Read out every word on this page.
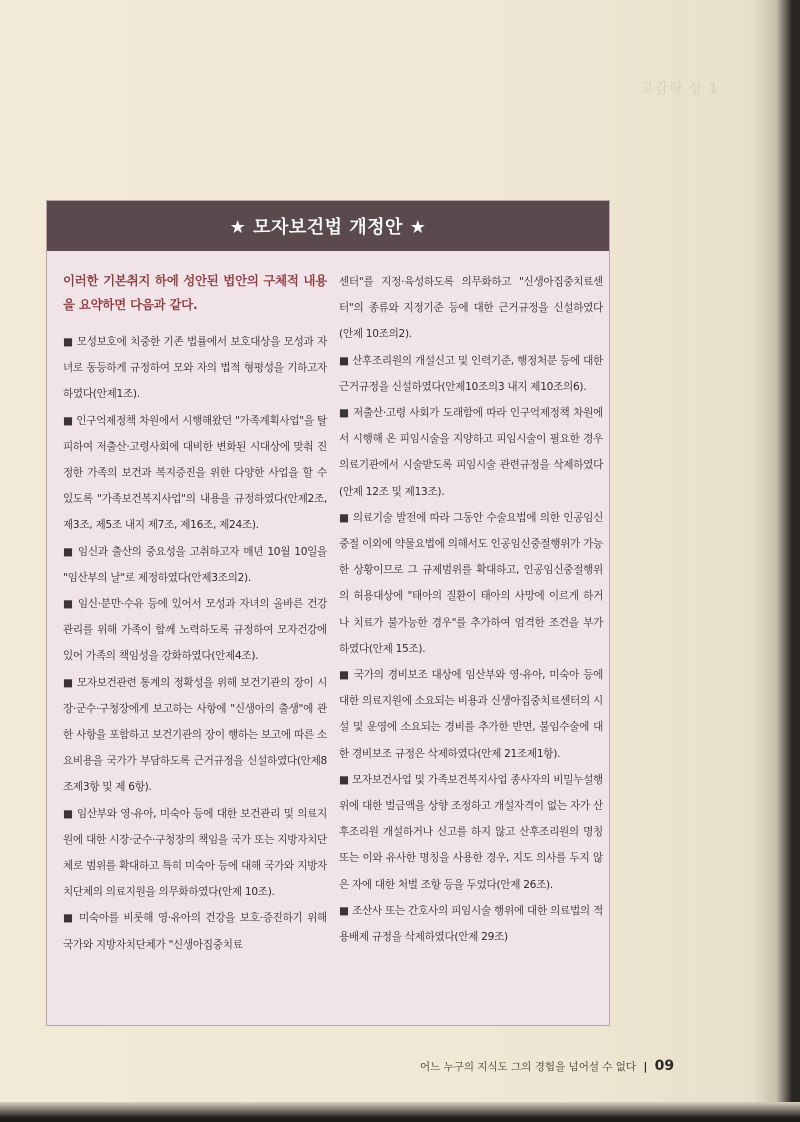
고감량 상 1
★ 모자보건법 개정안 ★

이러한 기본취지 하에 성안된 법안의 구체적 내용을 요약하면 다음과 같다.

■ 모성보호에 치중한 기존 법률에서 보호대상을 모성과 자녀로 동등하게 규정하여 모와 자의 법적 형평성을 기하고자 하였다(안제1조).

■ 인구억제정책 차원에서 시행해왔던 "가족계획사업"을 탈피하여 저출산·고령사회에 대비한 변화된 시대상에 맞춰 진정한 가족의 보건과 복지증진을 위한 다양한 사업을 할 수 있도록 "가족보건복지사업"의 내용을 규정하였다(안제2조, 제3조, 제5조 내지 제7조, 제16조, 제24조).

■ 임신과 출산의 중요성을 고취하고자 매년 10월 10일을 "임산부의 날"로 제정하였다(안제3조의2).

■ 임신·분만·수유 등에 있어서 모성과 자녀의 올바른 건강관리를 위해 가족이 함께 노력하도록 규정하여 모자건강에 있어 가족의 책임성을 강화하였다(안제4조).

■ 모자보건관련 통계의 정확성을 위해 보건기관의 장이 시장·군수·구청장에게 보고하는 사항에 "신생아의 출생"에 관한 사항을 포함하고 보건기관의 장이 행하는 보고에 따른 소요비용을 국가가 부담하도록 근거규정을 신설하였다(안제8조제3항 및 제 6항).

■ 임산부와 영·유아, 미숙아 등에 대한 보건관리 및 의료지원에 대한 시장·군수·구청장의 책임을 국가 또는 지방자치단체로 범위를 확대하고 특히 미숙아 등에 대해 국가와 지방자치단체의 의료지원을 의무화하였다(안제 10조).

■ 미숙아를 비롯해 영·유아의 건강을 보호·증진하기 위해 국가와 지방자치단체가 "신생아집중치료

센터"를 지정·육성하도록 의무화하고 "신생아집중치료센터"의 종류와 지정기준 등에 대한 근거규정을 신설하였다(안제 10조의2).

■ 산후조리원의 개설신고 및 인력기준, 행정처분 등에 대한 근거규정을 신설하였다(안제10조의3 내지 제10조의6).

■ 저출산·고령 사회가 도래함에 따라 인구억제정책 차원에서 시행해 온 피임시술을 지양하고 피임시술이 필요한 경우 의료기관에서 시술받도록 피임시술 관련규정을 삭제하였다(안제 12조 및 제13조).

■ 의료기술 발전에 따라 그동안 수술요법에 의한 인공임신중절 이외에 약물요법에 의해서도 인공임신중절행위가 가능한 상황이므로 그 규제범위를 확대하고, 인공임신중절행위의 허용대상에 "태아의 질환이 태아의 사망에 이르게 하거나 치료가 불가능한 경우"를 추가하여 엄격한 조건을 부가하였다(안제 15조).

■ 국가의 경비보조 대상에 임산부와 영·유아, 미숙아 등에 대한 의료지원에 소요되는 비용과 신생아집중치료센터의 시설 및 운영에 소요되는 경비를 추가한 반면, 불임수술에 대한 경비보조 규정은 삭제하였다(안제 21조제1항).

■ 모자보건사업 및 가족보건복지사업 종사자의 비밀누설행위에 대한 벌금액을 상향 조정하고 개설자격이 없는 자가 산후조리원 개설하거나 신고를 하지 않고 산후조리원의 명칭 또는 이와 유사한 명칭을 사용한 경우, 지도 의사를 두지 않은 자에 대한 처벌 조항 등을 두었다(안제 26조).

■ 조산사 또는 간호사의 피임시술 행위에 대한 의료법의 적용배제 규정을 삭제하였다(안제 29조)

어느 누구의 지식도 그의 경험을 넘어설 수 없다 | 09
